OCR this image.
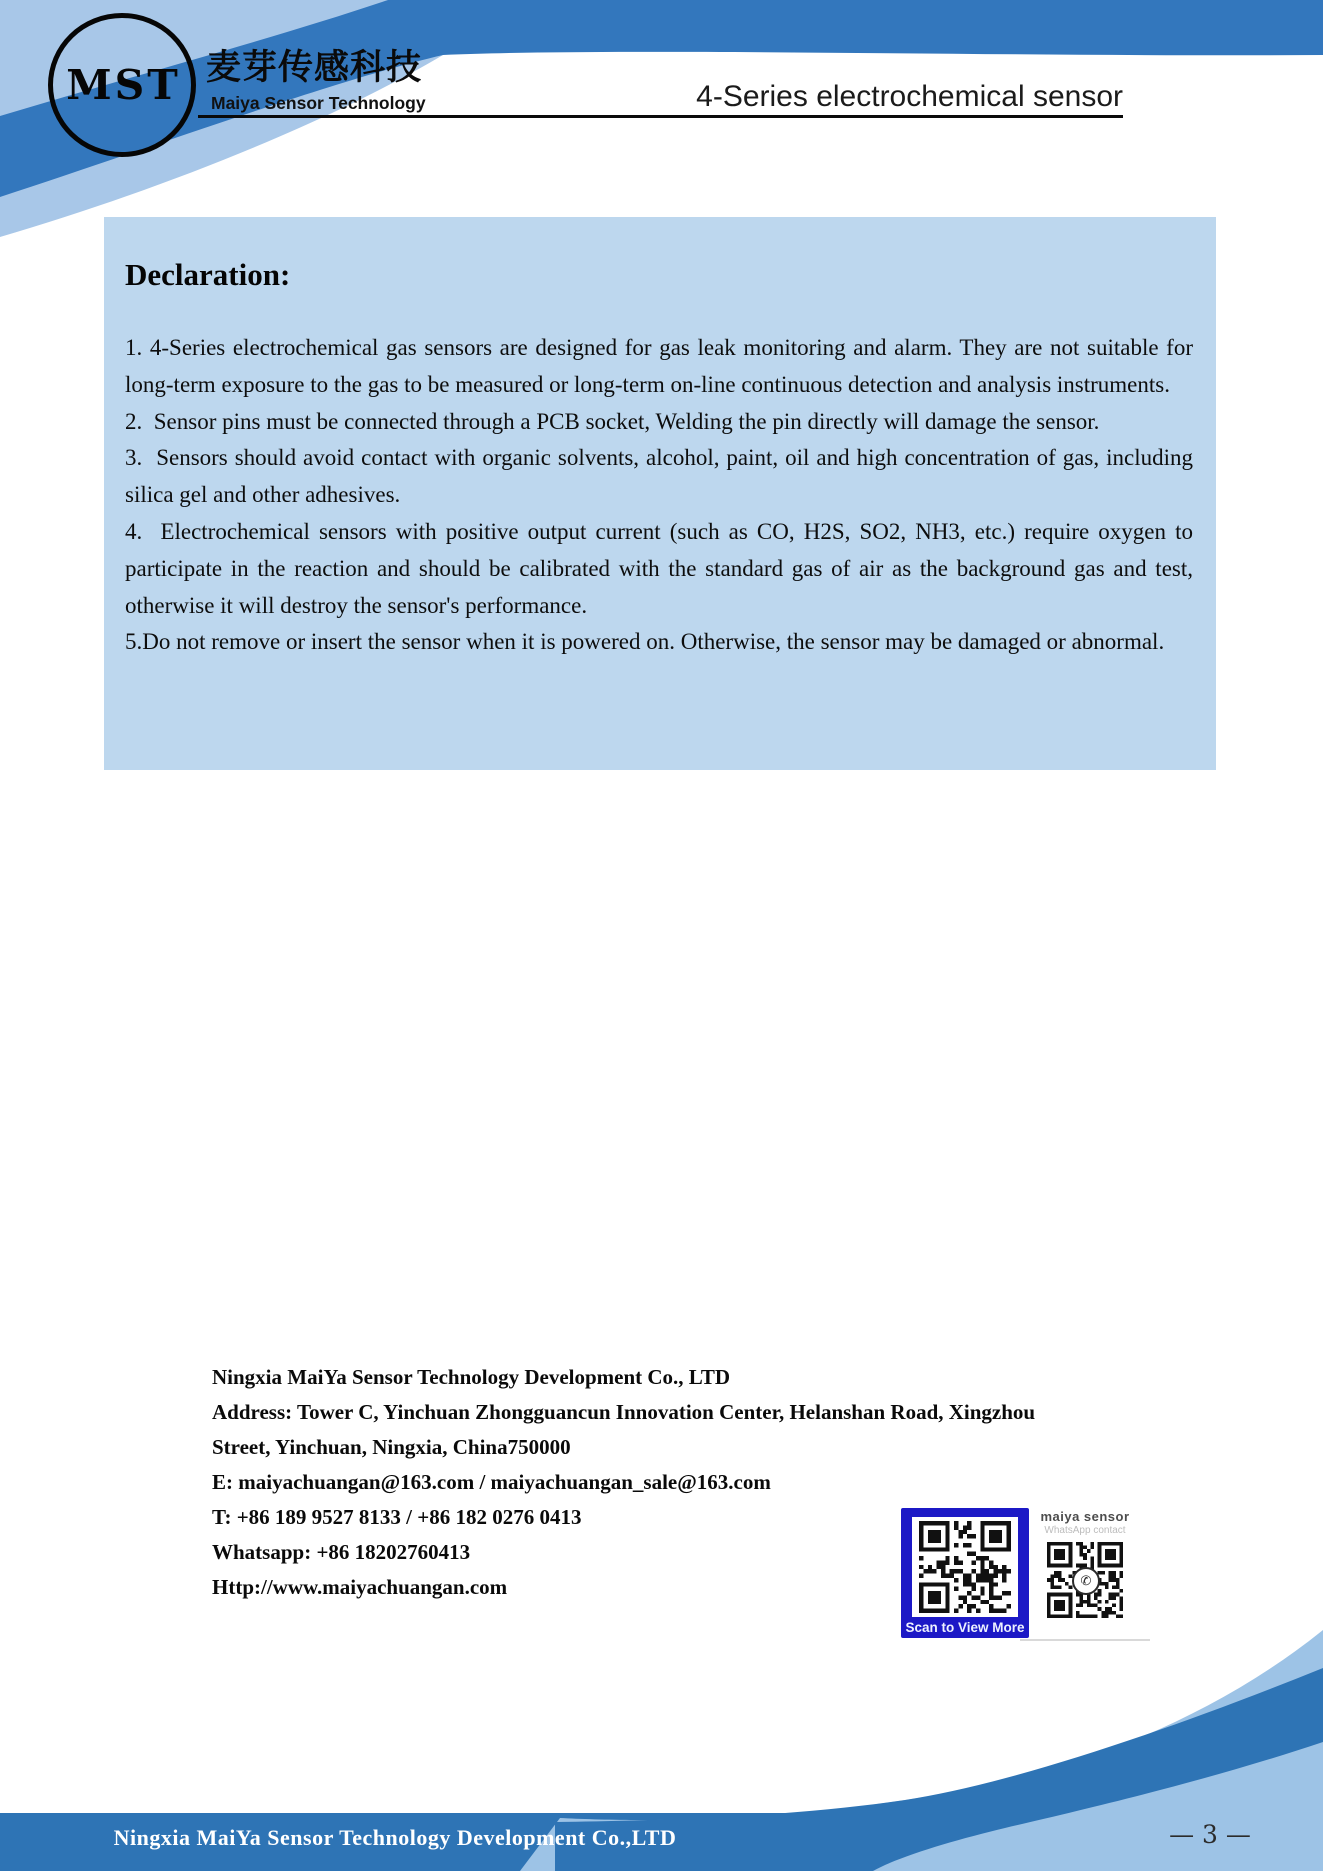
MST 麦芽传感科技
Maiya Sensor Technology	4-Series electrochemical sensor
Declaration:

1. 4-Series electrochemical gas sensors are designed for gas leak monitoring and alarm. They are not suitable for long-term exposure to the gas to be measured or long-term on-line continuous detection and analysis instruments.

2.  Sensor pins must be connected through a PCB socket, Welding the pin directly will damage the sensor.

3.  Sensors should avoid contact with organic solvents, alcohol, paint, oil and high concentration of gas, including silica gel and other adhesives.

4.  Electrochemical sensors with positive output current (such as CO, H2S, SO2, NH3, etc.) require oxygen to participate in the reaction and should be calibrated with the standard gas of air as the background gas and test, otherwise it will destroy the sensor's performance.

5.Do not remove or insert the sensor when it is powered on. Otherwise, the sensor may be damaged or abnormal.

Ningxia MaiYa Sensor Technology Development Co., LTD
Address: Tower C, Yinchuan Zhongguancun Innovation Center, Helanshan Road, Xingzhou
Street, Yinchuan, Ningxia, China750000
E: maiyachuangan@163.com / maiyachuangan_sale@163.com
T: +86 189 9527 8133 / +86 182 0276 0413
Whatsapp: +86 18202760413
Http://www.maiyachuangan.com
Scan to View More
maiya sensor
WhatsApp contact
✆
Ningxia MaiYa Sensor Technology Development Co.,LTD	— 3 —
